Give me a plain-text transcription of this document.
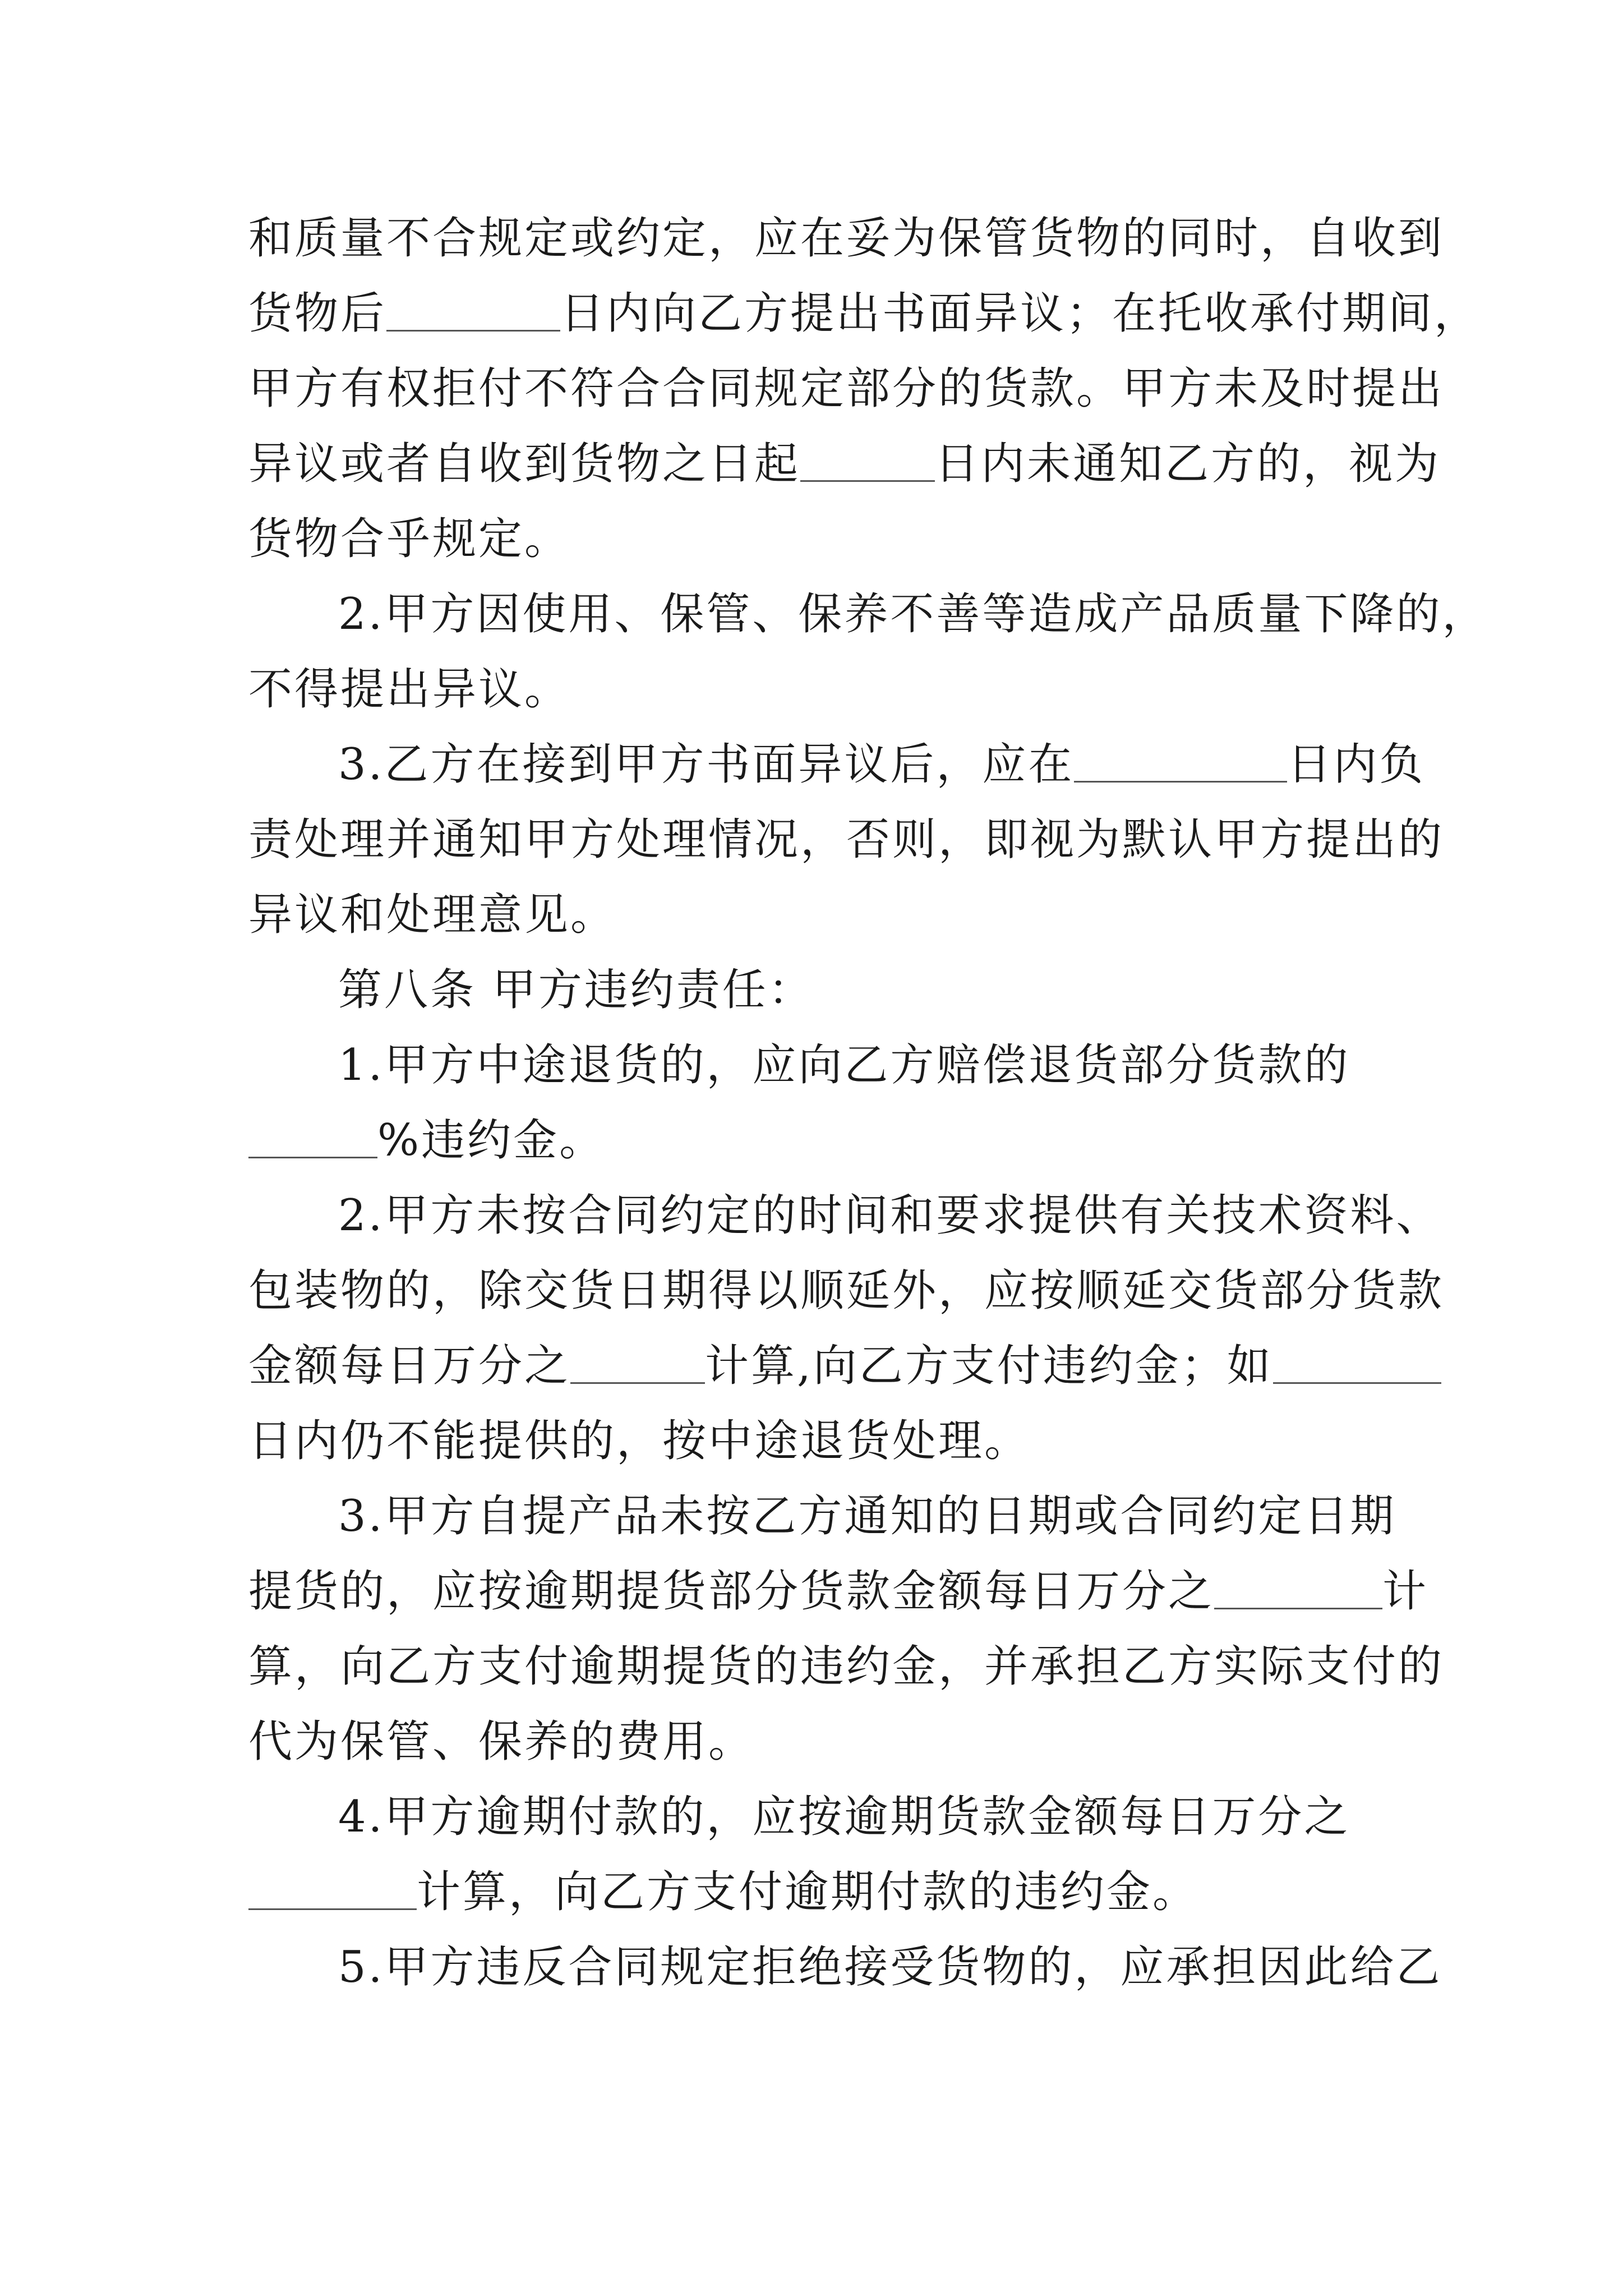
和质量不合规定或约定，应在妥为保管货物的同时，自收到
货物后	日内向乙方提出书面异议；在托收承付期间，
甲方有权拒付不符合合同规定部分的货款。甲方未及时提出
异议或者自收到货物之日起	日内未通知乙方的，视为
货物合乎规定。
2.甲方因使用、保管、保养不善等造成产品质量下降的，
不得提出异议。
3.乙方在接到甲方书面异议后，应在	日内负
责处理并通知甲方处理情况，否则，即视为默认甲方提出的
异议和处理意见。
第八条 甲方违约责任：
1.甲方中途退货的，应向乙方赔偿退货部分货款的
%违约金。
2.甲方未按合同约定的时间和要求提供有关技术资料、
包装物的，除交货日期得以顺延外，应按顺延交货部分货款
金额每日万分之	计算,向乙方支付违约金；如
日内仍不能提供的，按中途退货处理。
3.甲方自提产品未按乙方通知的日期或合同约定日期
提货的，应按逾期提货部分货款金额每日万分之	计
算，向乙方支付逾期提货的违约金，并承担乙方实际支付的
代为保管、保养的费用。
4.甲方逾期付款的，应按逾期货款金额每日万分之
计算，向乙方支付逾期付款的违约金。
5.甲方违反合同规定拒绝接受货物的，应承担因此给乙
